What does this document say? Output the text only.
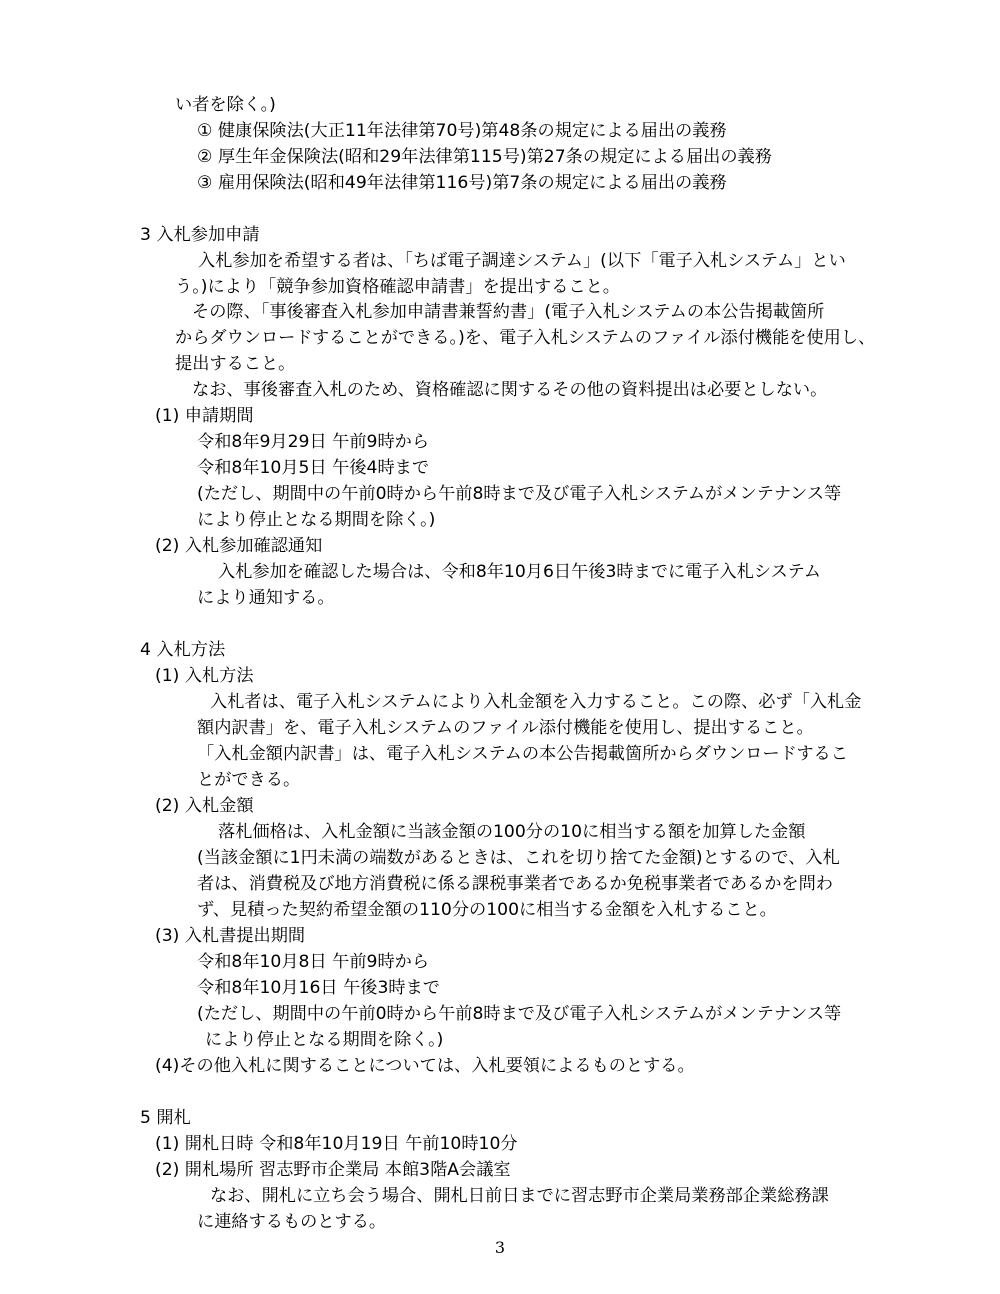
い者を除く。)

① 健康保険法(大正11年法律第70号)第48条の規定による届出の義務

② 厚生年金保険法(昭和29年法律第115号)第27条の規定による届出の義務

③ 雇用保険法(昭和49年法律第116号)第7条の規定による届出の義務

3 入札参加申請

入札参加を希望する者は、「ちば電子調達システム」(以下「電子入札システム」とい

う。)により「競争参加資格確認申請書」を提出すること。

その際、「事後審査入札参加申請書兼誓約書」(電子入札システムの本公告掲載箇所

からダウンロードすることができる。)を、電子入札システムのファイル添付機能を使用し、

提出すること。

なお、事後審査入札のため、資格確認に関するその他の資料提出は必要としない。

(1) 申請期間

令和8年9月29日 午前9時から

令和8年10月5日 午後4時まで

(ただし、期間中の午前0時から午前8時まで及び電子入札システムがメンテナンス等

により停止となる期間を除く。)

(2) 入札参加確認通知

入札参加を確認した場合は、令和8年10月6日午後3時までに電子入札システム

により通知する。

4 入札方法

(1) 入札方法

入札者は、電子入札システムにより入札金額を入力すること。この際、必ず「入札金

額内訳書」を、電子入札システムのファイル添付機能を使用し、提出すること。

「入札金額内訳書」は、電子入札システムの本公告掲載箇所からダウンロードするこ

とができる。

(2) 入札金額

落札価格は、入札金額に当該金額の100分の10に相当する額を加算した金額

(当該金額に1円未満の端数があるときは、これを切り捨てた金額)とするので、入札

者は、消費税及び地方消費税に係る課税事業者であるか免税事業者であるかを問わ

ず、見積った契約希望金額の110分の100に相当する金額を入札すること。

(3) 入札書提出期間

令和8年10月8日 午前9時から

令和8年10月16日 午後3時まで

(ただし、期間中の午前0時から午前8時まで及び電子入札システムがメンテナンス等

により停止となる期間を除く。)

(4)その他入札に関することについては、入札要領によるものとする。

5 開札

(1) 開札日時 令和8年10月19日 午前10時10分

(2) 開札場所 習志野市企業局 本館3階A会議室

なお、開札に立ち会う場合、開札日前日までに習志野市企業局業務部企業総務課

に連絡するものとする。

3
